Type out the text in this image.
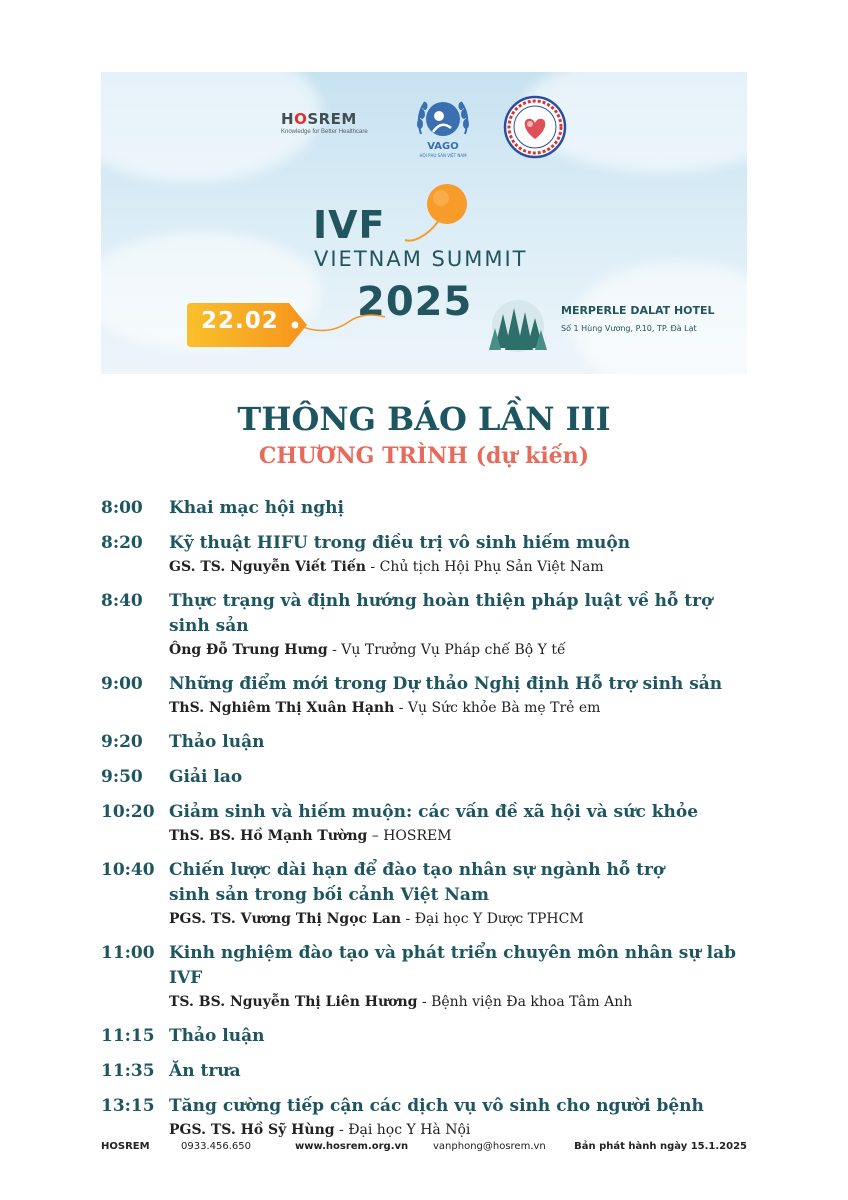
HOSREM
Knowledge for Better Healthcare
VAGO
HỘI PHỤ SẢN VIỆT NAM
IVF
VIETNAM SUMMIT
2025
22.02	MERPERLE DALAT HOTEL
Số 1 Hùng Vương, P.10, TP. Đà Lạt
THÔNG BÁO LẦN III
CHƯƠNG TRÌNH (dự kiến)
8:00	Khai mạc hội nghị
8:20	Kỹ thuật HIFU trong điều trị vô sinh hiếm muộn
GS. TS. Nguyễn Viết Tiến - Chủ tịch Hội Phụ Sản Việt Nam
8:40	Thực trạng và định hướng hoàn thiện pháp luật về hỗ trợ sinh sản
Ông Đỗ Trung Hưng - Vụ Trưởng Vụ Pháp chế Bộ Y tế
9:00	Những điểm mới trong Dự thảo Nghị định Hỗ trợ sinh sản
ThS. Nghiêm Thị Xuân Hạnh - Vụ Sức khỏe Bà mẹ Trẻ em
9:20	Thảo luận
9:50	Giải lao
10:20 Giảm sinh và hiếm muộn: các vấn đề xã hội và sức khỏe
ThS. BS. Hồ Mạnh Tường – HOSREM
10:40 Chiến lược dài hạn để đào tạo nhân sự ngành hỗ trợ sinh sản trong bối cảnh Việt Nam
PGS. TS. Vương Thị Ngọc Lan - Đại học Y Dược TPHCM
11:00 Kinh nghiệm đào tạo và phát triển chuyên môn nhân sự lab IVF
TS. BS. Nguyễn Thị Liên Hương - Bệnh viện Đa khoa Tâm Anh
11:15 Thảo luận
11:35 Ăn trưa
13:15 Tăng cường tiếp cận các dịch vụ vô sinh cho người bệnh
PGS. TS. Hồ Sỹ Hùng - Đại học Y Hà Nội
HOSREM	0933.456.650	www.hosrem.org.vn vanphong@hosrem.vn	Bản phát hành ngày 15.1.2025
